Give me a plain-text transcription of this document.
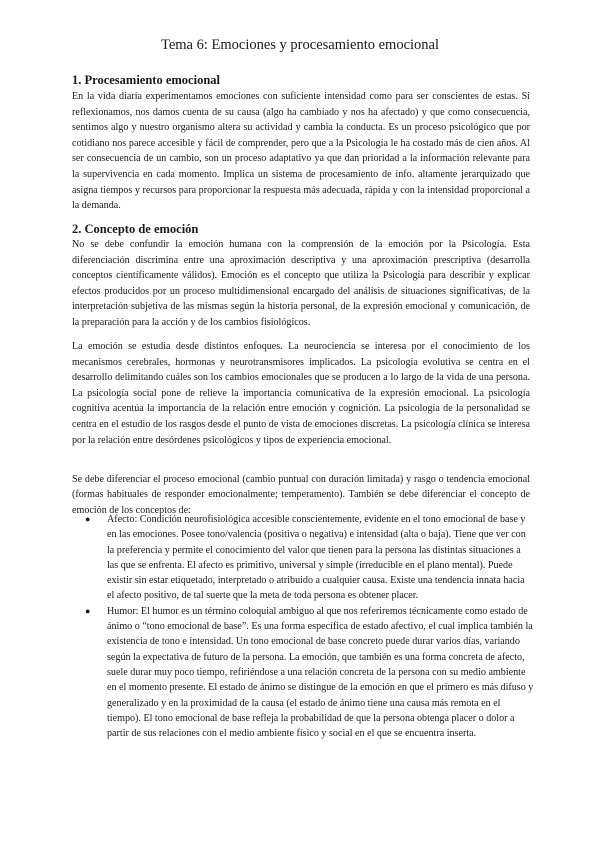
Tema 6: Emociones y procesamiento emocional
1. Procesamiento emocional

En la vida diaria experimentamos emociones con suficiente intensidad como para ser conscientes de estas. Si reflexionamos, nos damos cuenta de su causa (algo ha cambiado y nos ha afectado) y que como consecuencia, sentimos algo y nuestro organismo altera su actividad y cambia la conducta. Es un proceso psicológico que por cotidiano nos parece accesible y fácil de comprender, pero que a la Psicología le ha costado más de cien años. Al ser consecuencia de un cambio, son un proceso adaptativo ya que dan prioridad a la información relevante para la supervivencia en cada momento. Implica un sistema de procesamiento de info. altamente jerarquizado que asigna tiempos y recursos para proporcionar la respuesta más adecuada, rápida y con la intensidad proporcional a la demanda.

2. Concepto de emoción

No se debe confundir la emoción humana con la comprensión de la emoción por la Psicología. Esta diferenciación discrimina entre una aproximación descriptiva y una aproximación prescriptiva (desarrolla conceptos científicamente válidos). Emoción es el concepto que utiliza la Psicología para describir y explicar efectos producidos por un proceso multidimensional encargado del análisis de situaciones significativas, de la interpretación subjetiva de las mismas según la historia personal, de la expresión emocional y comunicación, de la preparación para la acción y de los cambios fisiológicos.

La emoción se estudia desde distintos enfoques. La neurociencia se interesa por el conocimiento de los mecanismos cerebrales, hormonas y neurotransmisores implicados. La psicología evolutiva se centra en el desarrollo delimitando cuáles son los cambios emocionales que se producen a lo largo de la vida de una persona. La psicología social pone de relieve la importancia comunicativa de la expresión emocional. La psicología cognitiva acentúa la importancia de la relación entre emoción y cognición. La psicología de la personalidad se centra en el estudio de los rasgos desde el punto de vista de emociones discretas. La psicología clínica se interesa por la relación entre desórdenes psicológicos y tipos de experiencia emocional.

Se debe diferenciar el proceso emocional (cambio puntual con duración limitada) y rasgo o tendencia emocional (formas habituales de responder emocionalmente; temperamento). También se debe diferenciar el concepto de emoción de los conceptos de:

● Afecto: Condición neurofisiológica accesible conscientemente, evidente en el tono emocional de base y en las emociones. Posee tono/valencia (positiva o negativa) e intensidad (alta o baja). Tiene que ver con la preferencia y permite el conocimiento del valor que tienen para la persona las distintas situaciones a las que se enfrenta. El afecto es primitivo, universal y simple (irreducible en el plano mental). Puede existir sin estar etiquetado, interpretado o atribuido a cualquier causa. Existe una tendencia innata hacia el afecto positivo, de tal suerte que la meta de toda persona es obtener placer.
● Humor: El humor es un término coloquial ambiguo al que nos referiremos técnicamente como estado de ánimo o “tono emocional de base”. Es una forma específica de estado afectivo, el cual implica también la existencia de tono e intensidad. Un tono emocional de base concreto puede durar varios días, variando según la expectativa de futuro de la persona. La emoción, que también es una forma concreta de afecto, suele durar muy poco tiempo, refiriéndose a una relación concreta de la persona con su medio ambiente en el momento presente. El estado de ánimo se distingue de la emoción en que el primero es más difuso y generalizado y en la proximidad de la causa (el estado de ánimo tiene una causa más remota en el tiempo). El tono emocional de base refleja la probabilidad de que la persona obtenga placer o dolor a partir de sus relaciones con el medio ambiente físico y social en el que se encuentra inserta.
